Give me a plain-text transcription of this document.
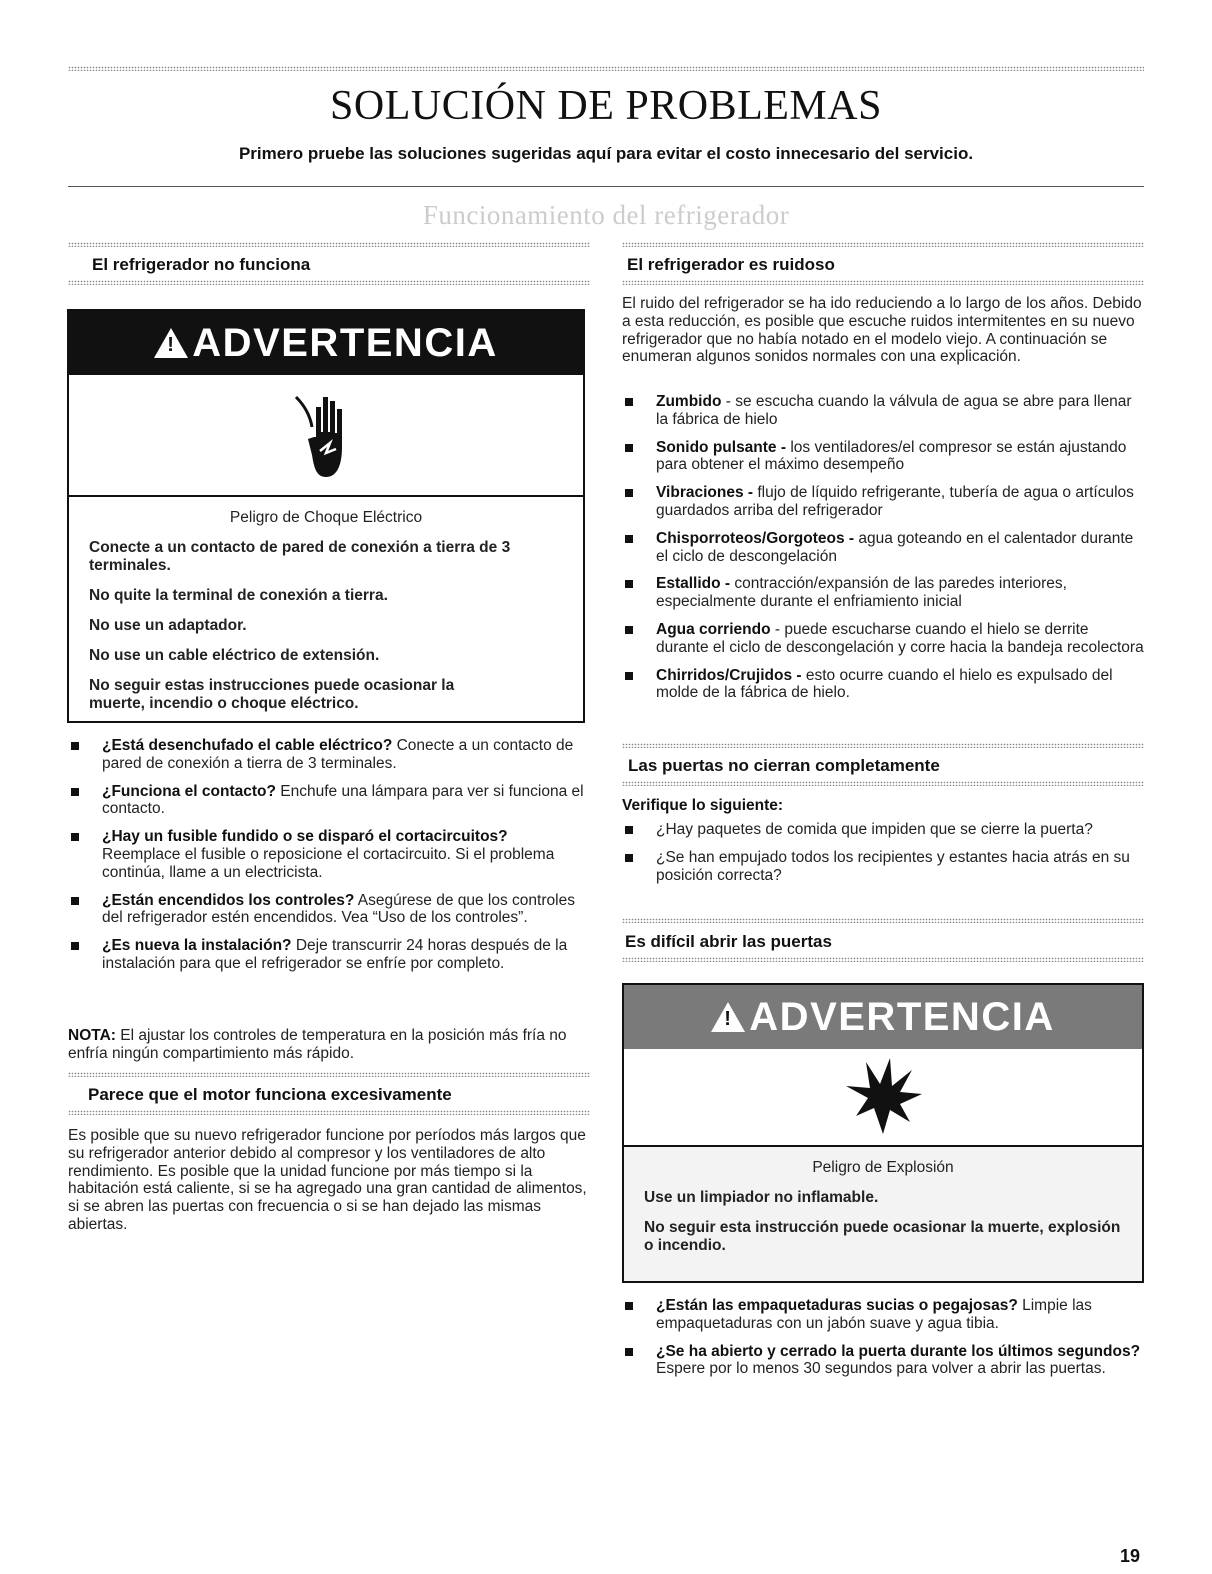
SOLUCIÓN DE PROBLEMAS
Primero pruebe las soluciones sugeridas aquí para evitar el costo innecesario del servicio.
Funcionamiento del refrigerador
El refrigerador no funciona
!ADVERTENCIA
Peligro de Choque Eléctrico

Conecte a un contacto de pared de conexión a tierra de 3 terminales.

No quite la terminal de conexión a tierra.

No use un adaptador.

No use un cable eléctrico de extensión.

No seguir estas instrucciones puede ocasionar la muerte, incendio o choque eléctrico.

¿Está desenchufado el cable eléctrico? Conecte a un contacto de pared de conexión a tierra de 3 terminales.
¿Funciona el contacto? Enchufe una lámpara para ver si funciona el contacto.
¿Hay un fusible fundido o se disparó el cortacircuitos? Reemplace el fusible o reposicione el cortacircuito. Si el problema continúa, llame a un electricista.
¿Están encendidos los controles? Asegúrese de que los controles del refrigerador estén encendidos. Vea “Uso de los controles”.
¿Es nueva la instalación? Deje transcurrir 24 horas después de la instalación para que el refrigerador se enfríe por completo.
NOTA: El ajustar los controles de temperatura en la posición más fría no enfría ningún compartimiento más rápido.
Parece que el motor funciona excesivamente
Es posible que su nuevo refrigerador funcione por períodos más largos que su refrigerador anterior debido al compresor y los ventiladores de alto rendimiento. Es posible que la unidad funcione por más tiempo si la habitación está caliente, si se ha agregado una gran cantidad de alimentos, si se abren las puertas con frecuencia o si se han dejado las mismas abiertas.
El refrigerador es ruidoso
El ruido del refrigerador se ha ido reduciendo a lo largo de los años. Debido a esta reducción, es posible que escuche ruidos intermitentes en su nuevo refrigerador que no había notado en el modelo viejo. A continuación se enumeran algunos sonidos normales con una explicación.
Zumbido - se escucha cuando la válvula de agua se abre para llenar la fábrica de hielo
Sonido pulsante - los ventiladores/el compresor se están ajustando para obtener el máximo desempeño
Vibraciones - flujo de líquido refrigerante, tubería de agua o artículos guardados arriba del refrigerador
Chisporroteos/Gorgoteos - agua goteando en el calentador durante el ciclo de descongelación
Estallido - contracción/expansión de las paredes interiores, especialmente durante el enfriamiento inicial
Agua corriendo - puede escucharse cuando el hielo se derrite durante el ciclo de descongelación y corre hacia la bandeja recolectora
Chirridos/Crujidos - esto ocurre cuando el hielo es expulsado del molde de la fábrica de hielo.
Las puertas no cierran completamente
Verifique lo siguiente:
¿Hay paquetes de comida que impiden que se cierre la puerta?
¿Se han empujado todos los recipientes y estantes hacia atrás en su posición correcta?
Es difícil abrir las puertas
!ADVERTENCIA
Peligro de Explosión

Use un limpiador no inflamable.

No seguir esta instrucción puede ocasionar la muerte, explosión o incendio.

¿Están las empaquetaduras sucias o pegajosas? Limpie las empaquetaduras con un jabón suave y agua tibia.
¿Se ha abierto y cerrado la puerta durante los últimos segundos? Espere por lo menos 30 segundos para volver a abrir las puertas.
19
